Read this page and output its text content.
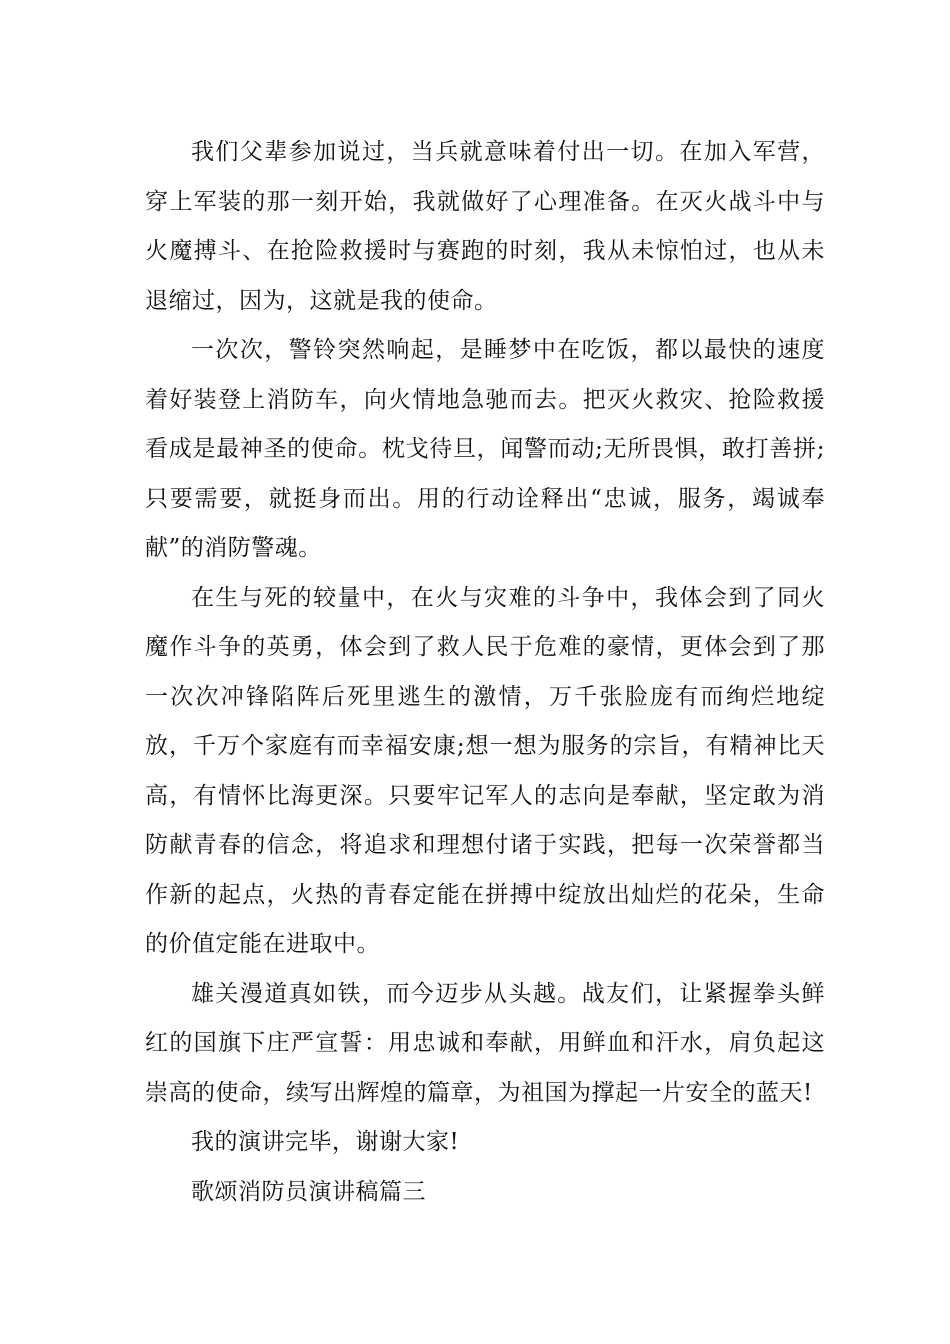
我们父辈参加说过，当兵就意味着付出一切。在加入军营，穿上军装的那一刻开始，我就做好了心理准备。在灭火战斗中与火魔搏斗、在抢险救援时与赛跑的时刻，我从未惊怕过，也从未退缩过，因为，这就是我的使命。

一次次，警铃突然响起，是睡梦中在吃饭，都以最快的速度着好装登上消防车，向火情地急驰而去。把灭火救灾、抢险救援看成是最神圣的使命。枕戈待旦，闻警而动;无所畏惧，敢打善拼;只要需要，就挺身而出。用的行动诠释出“忠诚，服务，竭诚奉献”的消防警魂。

在生与死的较量中，在火与灾难的斗争中，我体会到了同火魔作斗争的英勇，体会到了救人民于危难的豪情，更体会到了那一次次冲锋陷阵后死里逃生的激情，万千张脸庞有而绚烂地绽放，千万个家庭有而幸福安康;想一想为服务的宗旨，有精神比天高，有情怀比海更深。只要牢记军人的志向是奉献，坚定敢为消防献青春的信念，将追求和理想付诸于实践，把每一次荣誉都当作新的起点，火热的青春定能在拼搏中绽放出灿烂的花朵，生命的价值定能在进取中。

雄关漫道真如铁，而今迈步从头越。战友们，让紧握拳头鲜红的国旗下庄严宣誓：用忠诚和奉献，用鲜血和汗水，肩负起这崇高的使命，续写出辉煌的篇章，为祖国为撑起一片安全的蓝天!

我的演讲完毕，谢谢大家!

歌颂消防员演讲稿篇三
